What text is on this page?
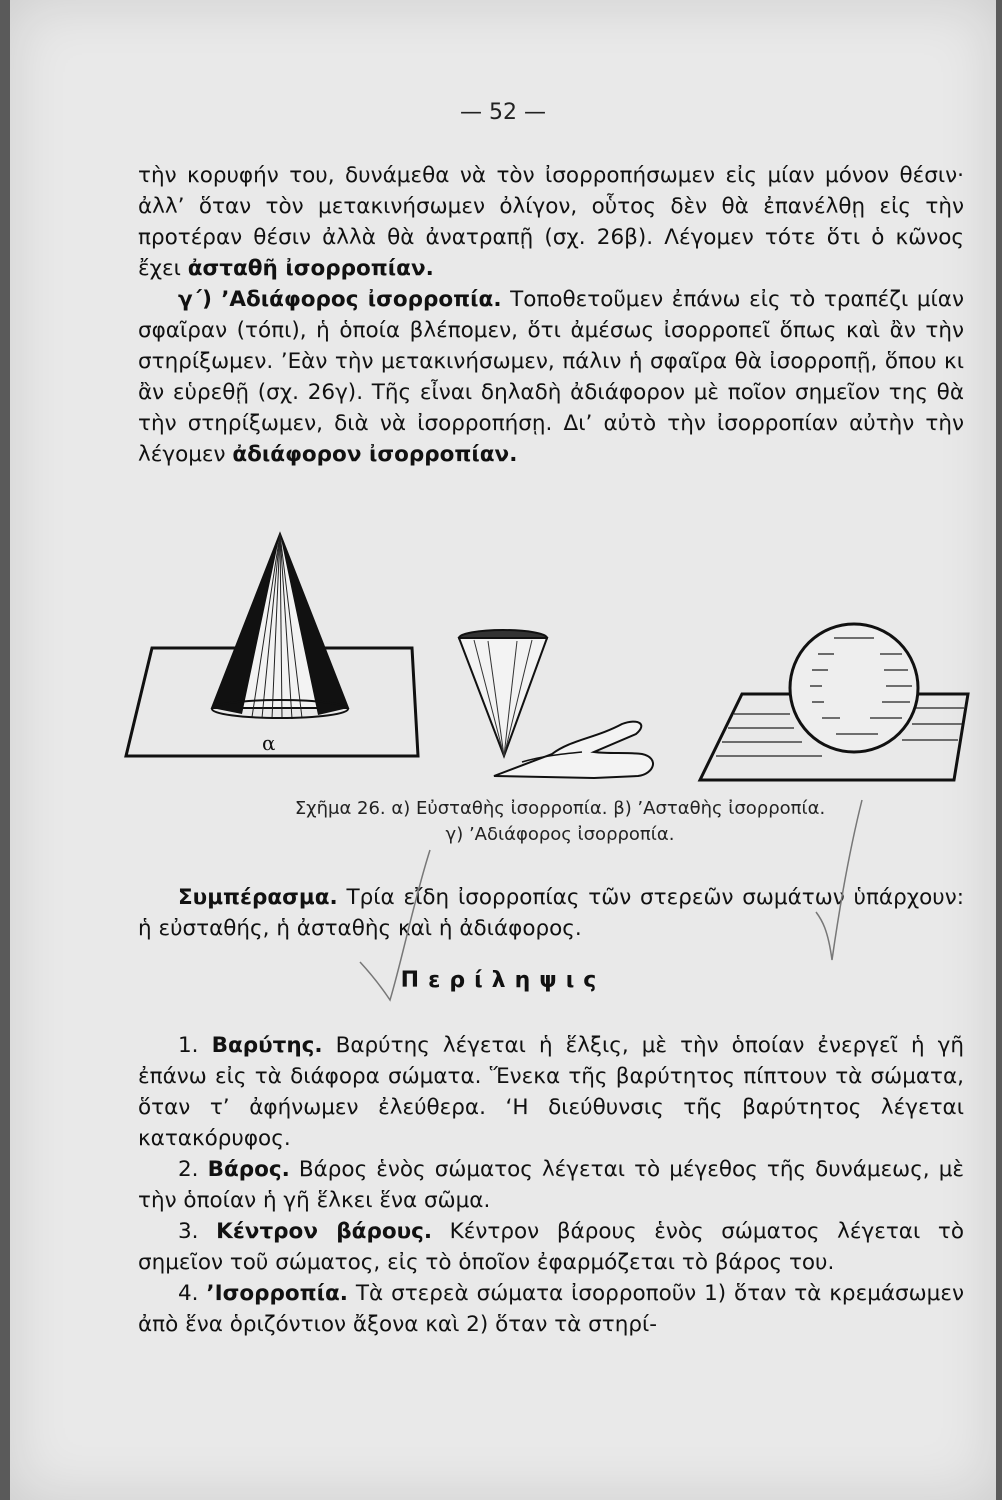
— 52 —

τὴν κορυφήν του, δυνάμεθα νὰ τὸν ἰσορροπήσωμεν εἰς μίαν μόνον θέσιν· ἀλλ’ ὅταν τὸν μετακινήσωμεν ὀλίγον, οὗτος δὲν θὰ ἐπανέλθῃ εἰς τὴν προτέραν θέσιν ἀλλὰ θὰ ἀνατραπῇ (σχ. 26β). Λέγομεν τότε ὅτι ὁ κῶνος ἔχει ἀσταθῆ ἰσορροπίαν.

γ΄) ’Αδιάφορος ἰσορροπία. Τοποθετοῦμεν ἐπάνω εἰς τὸ τραπέζι μίαν σφαῖραν (τόπι), ἡ ὁποία βλέπομεν, ὅτι ἀμέσως ἰσορροπεῖ ὅπως καὶ ἂν τὴν στηρίξωμεν. ’Εὰν τὴν μετακινήσωμεν, πάλιν ἡ σφαῖρα θὰ ἰσορροπῇ, ὅπου κι ἂν εὑρεθῇ (σχ. 26γ). Τῆς εἶναι δηλαδὴ ἀδιάφορον μὲ ποῖον σημεῖον της θὰ τὴν στηρίξωμεν, διὰ νὰ ἰσορροπήσῃ. Δι’ αὐτὸ τὴν ἰσορροπίαν αὐτὴν τὴν λέγομεν ἀδιάφορον ἰσορροπίαν.

α
Σχῆμα 26. α) Εὐσταθὴς ἰσορροπία. β) ’Ασταθὴς ἰσορροπία.
γ) ’Αδιάφορος ἰσορροπία.

Συμπέρασμα. Τρία εἴδη ἰσορροπίας τῶν στερεῶν σωμάτων ὑπάρχουν: ἡ εὐσταθής, ἡ ἀσταθὴς καὶ ἡ ἀδιάφορος.

Περίληψις

1. Βαρύτης. Βαρύτης λέγεται ἡ ἕλξις, μὲ τὴν ὁποίαν ἐνεργεῖ ἡ γῆ ἐπάνω εἰς τὰ διάφορα σώματα. Ἕνεκα τῆς βαρύτητος πίπτουν τὰ σώματα, ὅταν τ’ ἀφήνωμεν ἐλεύθερα. ‘Η διεύθυνσις τῆς βαρύτητος λέγεται κατακόρυφος.

2. Βάρος. Βάρος ἑνὸς σώματος λέγεται τὸ μέγεθος τῆς δυνάμεως, μὲ τὴν ὁποίαν ἡ γῆ ἕλκει ἕνα σῶμα.

3. Κέντρον βάρους. Κέντρον βάρους ἑνὸς σώματος λέγεται τὸ σημεῖον τοῦ σώματος, εἰς τὸ ὁποῖον ἐφαρμόζεται τὸ βάρος του.

4. ’Ισορροπία. Τὰ στερεὰ σώματα ἰσορροποῦν 1) ὅταν τὰ κρεμάσωμεν ἀπὸ ἕνα ὁριζόντιον ἄξονα καὶ 2) ὅταν τὰ στηρί-
